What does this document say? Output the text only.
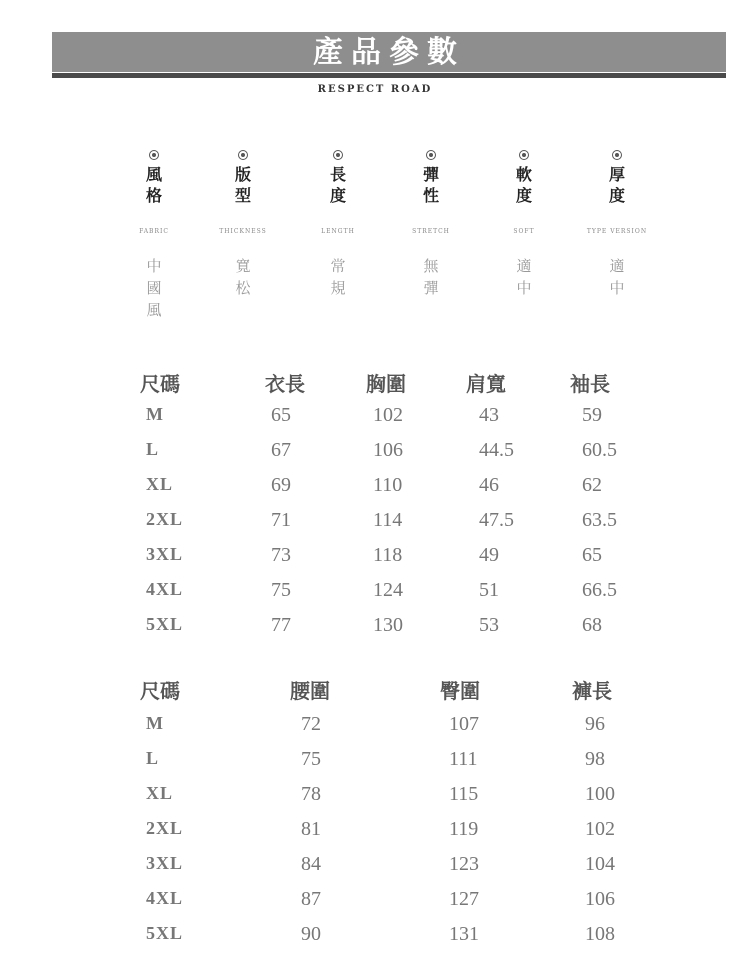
產品參數
RESPECT ROAD
風格
FABRIC
中國風
版型
THICKNESS
寬松
長度
LENGTH
常規
彈性
STRETCH
無彈
軟度
SOFT
適中
厚度
TYPE VERSION
適中
尺碼	衣長	胸圍	肩寬	袖長
M	65	102	43	59
L	67	106	44.5	60.5
XL	69	110	46	62
2XL	71	114	47.5	63.5
3XL	73	118	49	65
4XL	75	124	51	66.5
5XL	77	130	53	68
尺碼	腰圍	臀圍	褲長
M	72	107	96
L	75	111	98
XL	78	115	100
2XL	81	119	102
3XL	84	123	104
4XL	87	127	106
5XL	90	131	108
